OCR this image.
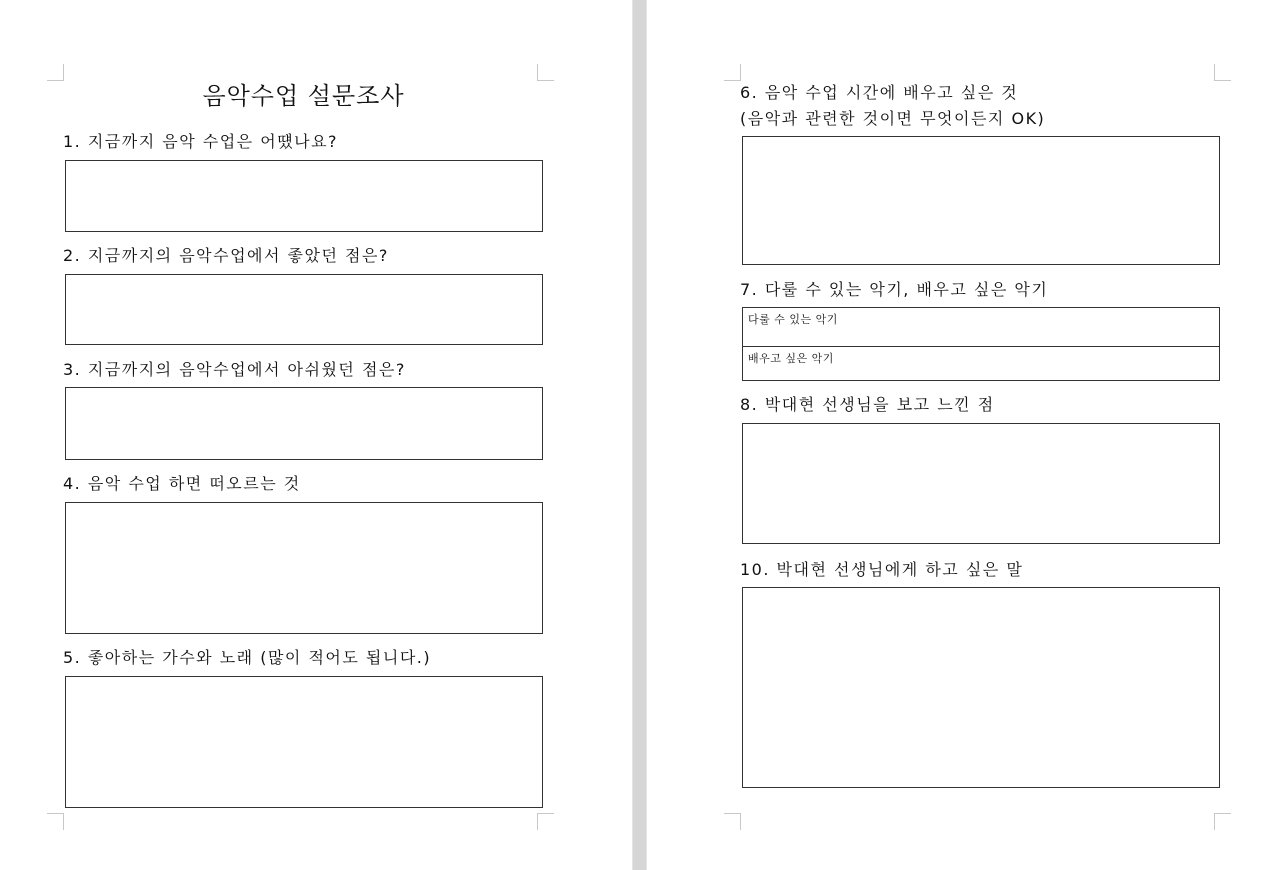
음악수업 설문조사
1. 지금까지 음악 수업은 어떘나요?
2. 지금까지의 음악수업에서 좋았던 점은?
3. 지금까지의 음악수업에서 아쉬웠던 점은?
4. 음악 수업 하면 떠오르는 것
5. 좋아하는 가수와 노래 (많이 적어도 됩니다.)
6. 음악 수업 시간에 배우고 싶은 것
(음악과 관련한 것이면 무엇이든지 OK)
7. 다룰 수 있는 악기, 배우고 싶은 악기
다룰 수 있는 악기
배우고 싶은 악기
8. 박대현 선생님을 보고 느낀 점
10. 박대현 선생님에게 하고 싶은 말
